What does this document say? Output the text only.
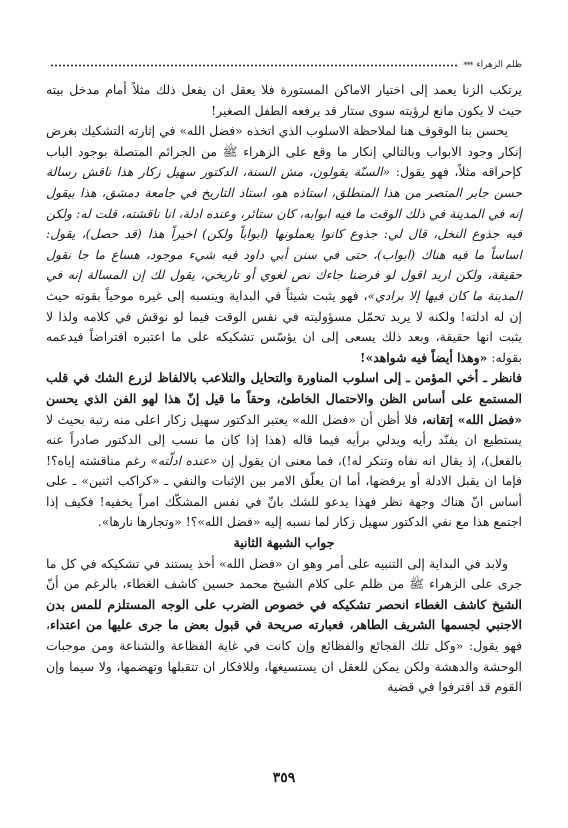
ظلم الزهراء
***

يرتكب الزنا يعمد إلى اختيار الاماكن المستورة فلا يعقل ان يفعل ذلك مثلاً أمام مدخل بيته حيث لا يكون مانع لرؤيته سوى ستار قد يرفعه الطفل الصغير!

يحسن بنا الوقوف هنا لملاحظة الاسلوب الذي اتخذه «فضل الله» في إثارته التشكيك بغرض إنكار وجود الابواب وبالتالي إنكار ما وقع على الزهراء ﷺ من الجرائم المتصلة بوجود الباب كإحراقه مثلاً، فهو يقول: «السنّة يقولون، مش السنة، الدكتور سهيل زكار هذا ناقش رسالة حسن جابر المتصر من هذا المنطلق، استاذه هو، استاذ التاريخ في جامعة دمشق، هذا بيقول إنه في المدينة في ذلك الوقت ما فيه ابوابه، كان ستائر، وعنده ادلة، انا ناقشته، قلت له: ولكن فيه جذوع النخل، قال لي: جذوع كانوا يعملونها (ابواباً ولكن) اخيراً هذا (قد حصل)، يقول: اساساً ما فيه هناك (ابواب)، حتى في سنن أبي داود فيه شيء موجود، هساع ما جا نقول حقيقة، ولكن اريد اقول لو فرضنا جاءك نص لغوي أو تاريخي، يقول لك إن المسالة إنه في المدينة ما كان فيها إلا برادي»، فهو يثبت شيئاً في البداية وينسبه إلى غيره موحياً بقوته حيث إن له ادلته! ولكنه لا يريد تحمّل مسؤوليته في نفس الوقت فيما لو نوقش في كلامه ولذا لا يثبت انها حقيقة، وبعد ذلك يسعى إلى ان يؤسّس تشكيكه على ما اعتبره افتراضاً فيدعمه بقوله: «وهذا أيضاً فيه شواهد»!

فانظر ـ أخي المؤمن ـ إلى اسلوب المناورة والتحايل والتلاعب بالالفاظ لزرع الشك في قلب المستمع على أساس الظن والاحتمال الخاطئ، وحقاً ما قيل إنّ هذا لهو الفن الذي يحسن «فضل الله» إتقانه، فلا أظن أن «فضل الله» يعتبر الدكتور سهيل زكار اعلى منه رتبة بحيث لا يستطيع ان يفنّد رأيه ويدلي برأيه فيما قاله (هذا إذا كان ما نسب إلى الدكتور صادراً عنه بالفعل)، إذ يقال انه نفاه وتنكر له!)، فما معنى ان يقول إن «عنده ادلّته» رغم مناقشته إياه؟! فإما ان يقبل الادلة أو يرفضها، أما ان يعلّق الامر بين الإثبات والنفي ـ «كراكب اثنين» ـ على أساس انّ هناك وجهة نظر فهذا يدعو للشك بانّ في نفس المشكّك امراً يخفيه! فكيف إذا اجتمع هذا مع نفي الدكتور سهيل زكار لما نسبه إليه «فضل الله»؟! «وتجارها نارها».

جواب الشبهة الثانية

ولابد في البداية إلى التنبيه على أمر وهو ان «فضل الله» أخذ يستند في تشكيكه في كل ما جرى على الزهراء ﷺ من ظلم على كلام الشيخ محمد حسين كاشف الغطاء، بالرغم من أنّ الشيخ كاشف الغطاء انحصر تشكيكه في خصوص الضرب على الوجه المستلزم للمس بدن الاجنبي لجسمها الشريف الطاهر، فعبارته صريحة في قبول بعض ما جرى عليها من اعتداء، فهو يقول: «وكل تلك الفجائع والفظائع وإن كانت في غاية الفظاعة والشناعة ومن موجبات الوحشة والدهشة ولكن يمكن للعقل ان يستسيغها، وللافكار ان تتقبلها وتهضمها، ولا سيما وإن القوم قد اقترفوا في قضية

٣٥٩
